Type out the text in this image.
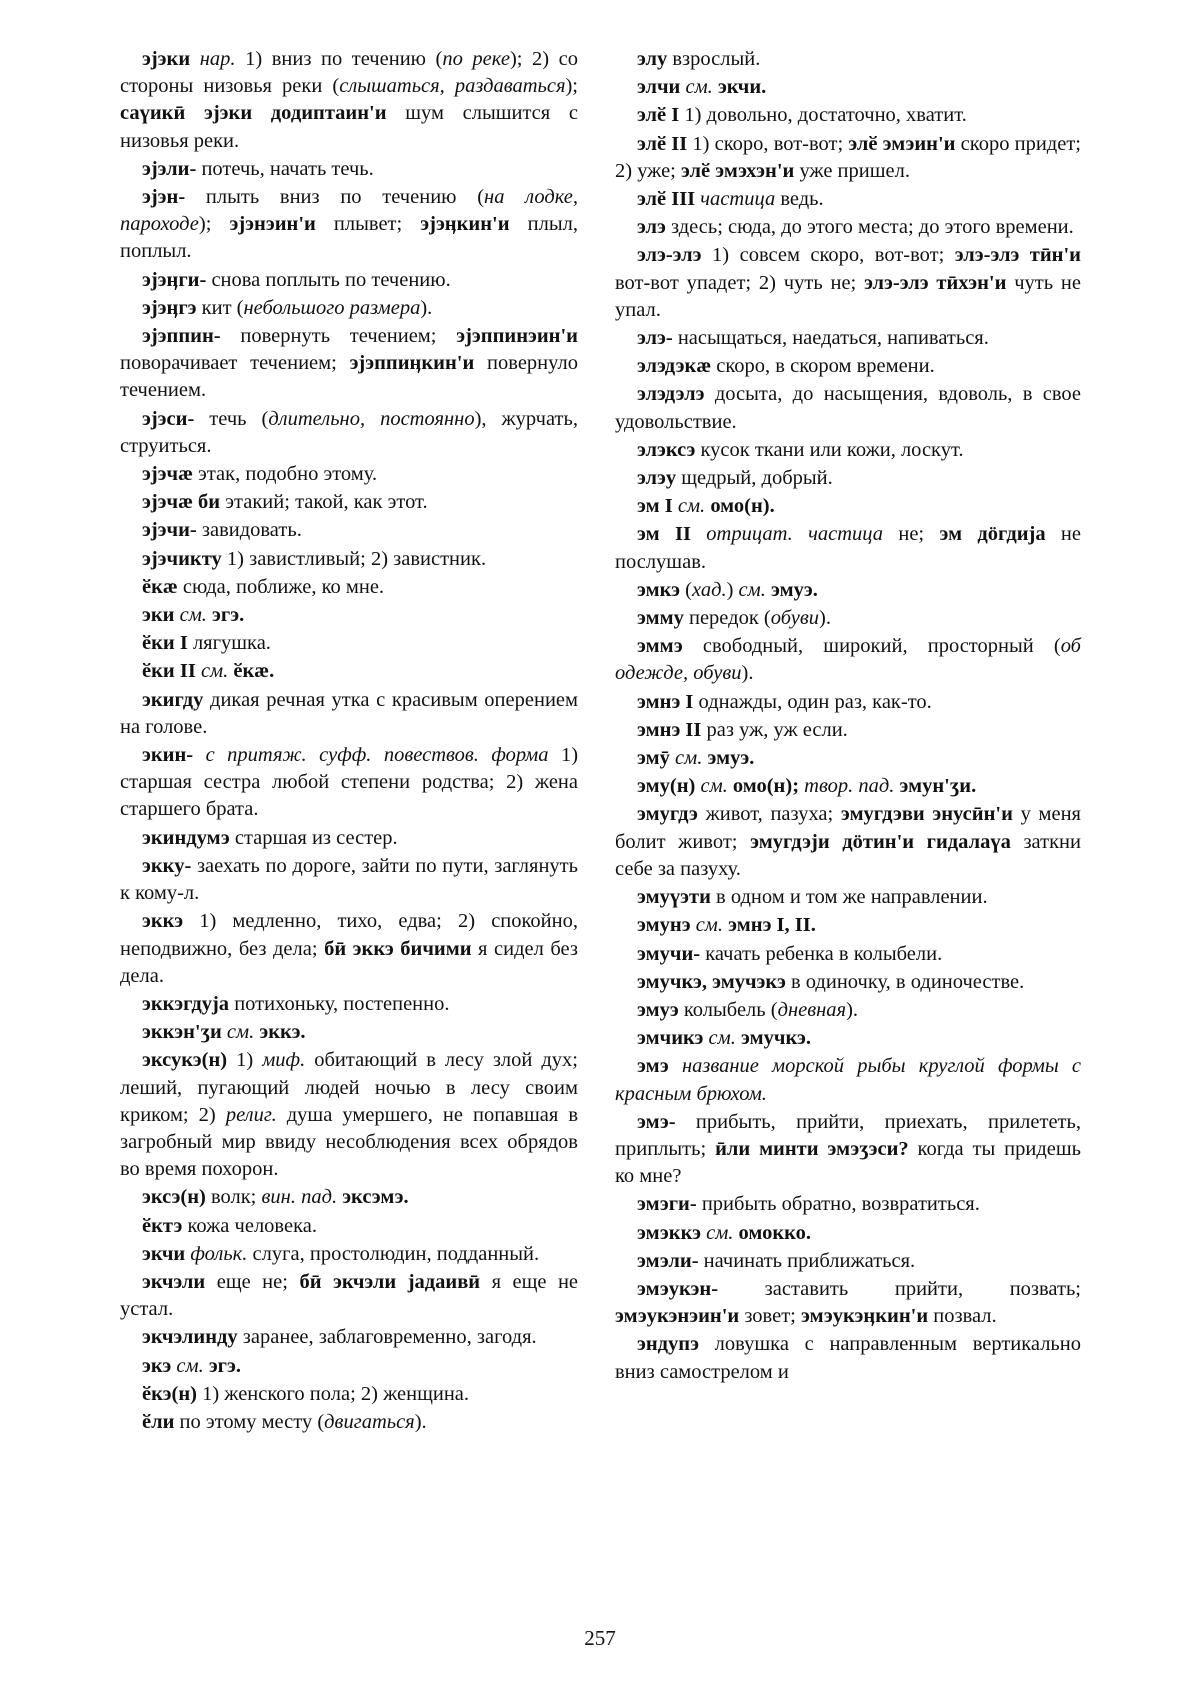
эјэки нар. 1) вниз по течению (по реке); 2) со стороны низовья реки (слышаться, раздаваться); саүикӣ эјэки додиптаин'и шум слышится с низовья реки.

эјэли- потечь, начать течь.

эјэн- плыть вниз по течению (на лодке, пароходе); эјэнэин'и плывет; эјэӊкин'и плыл, поплыл.

эјэӊги- снова поплыть по течению.

эјэӊгэ кит (небольшого размера).

эјэппин- повернуть течением; эјэппинэин'и поворачивает течением; эјэппиӊкин'и повернуло течением.

эјэси- течь (длительно, постоянно), журчать, струиться.

эјэчæ этак, подобно этому.

эјэчæ би этакий; такой, как этот.

эјэчи- завидовать.

эјэчикту 1) завистливый; 2) завистник.

ӗкæ сюда, поближе, ко мне.

эки см. эгэ.

ӗки I лягушка.

ӗки II см. ӗкæ.

экигду дикая речная утка с красивым оперением на голове.

экин- с притяж. суфф. повествов. форма 1) старшая сестра любой степени родства; 2) жена старшего брата.

экиндумэ старшая из сестер.

экку- заехать по дороге, зайти по пути, заглянуть к кому-л.

эккэ 1) медленно, тихо, едва; 2) спокойно, неподвижно, без дела; бӣ эккэ бичими я сидел без дела.

эккэгдуја потихоньку, постепенно.

эккэн'ӡи см. эккэ.

эксукэ(н) 1) миф. обитающий в лесу злой дух; леший, пугающий людей ночью в лесу своим криком; 2) религ. душа умершего, не попавшая в загробный мир ввиду несоблюдения всех обрядов во время похорон.

эксэ(н) волк; вин. пад. эксэмэ.

ӗктэ кожа человека.

экчи фольк. слуга, простолюдин, подданный.

экчэли еще не; бӣ экчэли јадаивӣ я еще не устал.

экчэлинду заранее, заблаговременно, загодя.

экэ см. эгэ.

ӗкэ(н) 1) женского пола; 2) женщина.

ӗли по этому месту (двигаться).

элу взрослый.

элчи см. экчи.

элӗ I 1) довольно, достаточно, хватит.

элӗ II 1) скоро, вот-вот; элӗ эмэин'и скоро придет; 2) уже; элӗ эмэхэн'и уже пришел.

элӗ III частица ведь.

элэ здесь; сюда, до этого места; до этого времени.

элэ-элэ 1) совсем скоро, вот-вот; элэ-элэ тӣн'и вот-вот упадет; 2) чуть не; элэ-элэ тӣхэн'и чуть не упал.

элэ- насыщаться, наедаться, напиваться.

элэдэкæ скоро, в скором времени.

элэдэлэ досыта, до насыщения, вдоволь, в свое удовольствие.

элэксэ кусок ткани или кожи, лоскут.

элэу щедрый, добрый.

эм I см. омо(н).

эм II отрицат. частица не; эм дӧгдија не послушав.

эмкэ (хад.) см. эмуэ.

эмму передок (обуви).

эммэ свободный, широкий, просторный (об одежде, обуви).

эмнэ I однажды, один раз, как-то.

эмнэ II раз уж, уж если.

эмӯ см. эмуэ.

эму(н) см. омо(н); твор. пад. эмун'ӡи.

эмугдэ живот, пазуха; эмугдэви энусӣн'и у меня болит живот; эмугдэји дӧтин'и гидалаүа заткни себе за пазуху.

эмуүэти в одном и том же направлении.

эмунэ см. эмнэ I, II.

эмучи- качать ребенка в колыбели.

эмучкэ, эмучэкэ в одиночку, в одиночестве.

эмуэ колыбель (дневная).

эмчикэ см. эмучкэ.

эмэ название морской рыбы круглой формы с красным брюхом.

эмэ- прибыть, прийти, приехать, прилететь, приплыть; ӣли минти эмэӡэси? когда ты придешь ко мне?

эмэги- прибыть обратно, возвратиться.

эмэккэ см. омокко.

эмэли- начинать приближаться.

эмэукэн- заставить прийти, позвать; эмэукэнэин'и зовет; эмэукэӊкин'и позвал.

эндупэ ловушка с направленным вертикально вниз самострелом и

257
